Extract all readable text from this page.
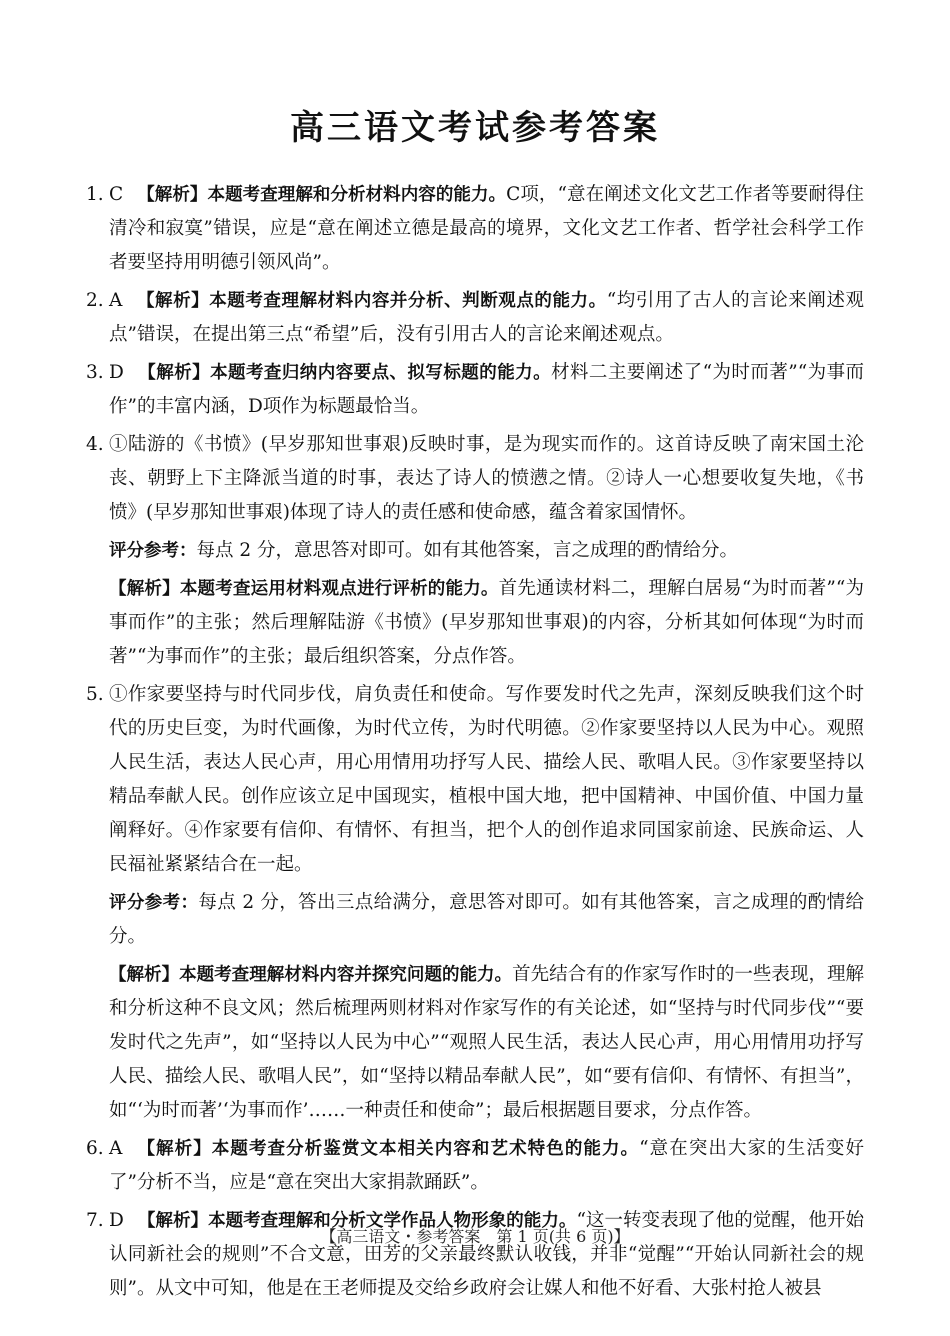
高三语文考试参考答案
1. C 【解析】本题考查理解和分析材料内容的能力。C项，“意在阐述文化文艺工作者等要耐得住清冷和寂寞”错误，应是“意在阐述立德是最高的境界，文化文艺工作者、哲学社会科学工作者要坚持用明德引领风尚”。
2. A 【解析】本题考查理解材料内容并分析、判断观点的能力。“均引用了古人的言论来阐述观点”错误，在提出第三点“希望”后，没有引用古人的言论来阐述观点。
3. D 【解析】本题考查归纳内容要点、拟写标题的能力。材料二主要阐述了“为时而著”“为事而作”的丰富内涵，D项作为标题最恰当。
4. ①陆游的《书愤》(早岁那知世事艰)反映时事，是为现实而作的。这首诗反映了南宋国土沦丧、朝野上下主降派当道的时事，表达了诗人的愤懑之情。②诗人一心想要收复失地，《书愤》(早岁那知世事艰)体现了诗人的责任感和使命感，蕴含着家国情怀。
评分参考：每点 2 分，意思答对即可。如有其他答案，言之成理的酌情给分。
【解析】本题考查运用材料观点进行评析的能力。首先通读材料二，理解白居易“为时而著”“为事而作”的主张；然后理解陆游《书愤》(早岁那知世事艰)的内容，分析其如何体现“为时而著”“为事而作”的主张；最后组织答案，分点作答。
5. ①作家要坚持与时代同步伐，肩负责任和使命。写作要发时代之先声，深刻反映我们这个时代的历史巨变，为时代画像，为时代立传，为时代明德。②作家要坚持以人民为中心。观照人民生活，表达人民心声，用心用情用功抒写人民、描绘人民、歌唱人民。③作家要坚持以精品奉献人民。创作应该立足中国现实，植根中国大地，把中国精神、中国价值、中国力量阐释好。④作家要有信仰、有情怀、有担当，把个人的创作追求同国家前途、民族命运、人民福祉紧紧结合在一起。
评分参考：每点 2 分，答出三点给满分，意思答对即可。如有其他答案，言之成理的酌情给分。
【解析】本题考查理解材料内容并探究问题的能力。首先结合有的作家写作时的一些表现，理解和分析这种不良文风；然后梳理两则材料对作家写作的有关论述，如“坚持与时代同步伐”“要发时代之先声”，如“坚持以人民为中心”“观照人民生活，表达人民心声，用心用情用功抒写人民、描绘人民、歌唱人民”，如“坚持以精品奉献人民”，如“要有信仰、有情怀、有担当”，如“‘为时而著’‘为事而作’……一种责任和使命”；最后根据题目要求，分点作答。
6. A 【解析】本题考查分析鉴赏文本相关内容和艺术特色的能力。“意在突出大家的生活变好了”分析不当，应是“意在突出大家捐款踊跃”。
7. D 【解析】本题考查理解和分析文学作品人物形象的能力。“这一转变表现了他的觉醒，他开始认同新社会的规则”不合文意，田芳的父亲最终默认收钱，并非“觉醒”“开始认同新社会的规则”。从文中可知，他是在王老师提及交给乡政府会让媒人和他不好看、大张村抢人被县
【高三语文・参考答案　第 1 页(共 6 页)】
